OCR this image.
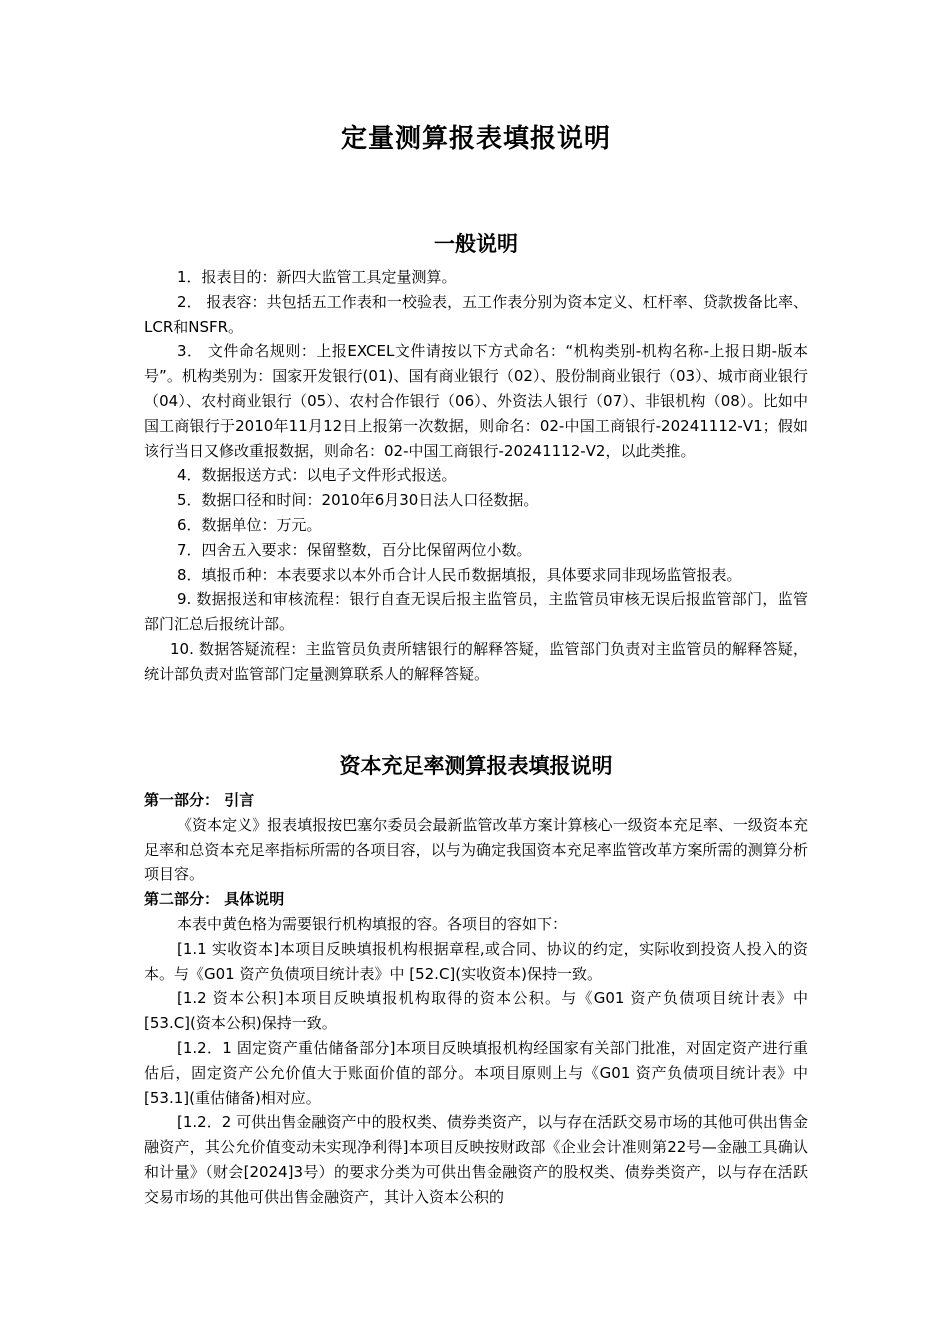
定量测算报表填报说明
一般说明

1．报表目的：新四大监管工具定量测算。

2． 报表容：共包括五工作表和一校验表，五工作表分别为资本定义、杠杆率、贷款拨备比率、LCR和NSFR。

3． 文件命名规则：上报EXCEL文件请按以下方式命名：“机构类别-机构名称-上报日期-版本号”。机构类别为：国家开发银行(01)、国有商业银行（02）、股份制商业银行（03）、城市商业银行（04）、农村商业银行（05）、农村合作银行（06）、外资法人银行（07）、非银机构（08）。比如中国工商银行于2010年11月12日上报第一次数据，则命名：02-中国工商银行-20241112-V1；假如该行当日又修改重报数据，则命名：02-中国工商银行-20241112-V2，以此类推。

4．数据报送方式：以电子文件形式报送。

5．数据口径和时间：2010年6月30日法人口径数据。

6．数据单位：万元。

7．四舍五入要求：保留整数，百分比保留两位小数。

8．填报币种：本表要求以本外币合计人民币数据填报，具体要求同非现场监管报表。

9. 数据报送和审核流程：银行自查无误后报主监管员，主监管员审核无误后报监管部门，监管部门汇总后报统计部。

10. 数据答疑流程：主监管员负责所辖银行的解释答疑，监管部门负责对主监管员的解释答疑，统计部负责对监管部门定量测算联系人的解释答疑。

资本充足率测算报表填报说明

第一部分： 引言

《资本定义》报表填报按巴塞尔委员会最新监管改革方案计算核心一级资本充足率、一级资本充足率和总资本充足率指标所需的各项目容，以与为确定我国资本充足率监管改革方案所需的测算分析项目容。

第二部分： 具体说明

本表中黄色格为需要银行机构填报的容。各项目的容如下：

[1.1 实收资本]本项目反映填报机构根据章程,或合同、协议的约定，实际收到投资人投入的资本。与《G01 资产负债项目统计表》中 [52.C](实收资本)保持一致。

[1.2 资本公积]本项目反映填报机构取得的资本公积。与《G01 资产负债项目统计表》中[53.C](资本公积)保持一致。

[1.2．1 固定资产重估储备部分]本项目反映填报机构经国家有关部门批准，对固定资产进行重估后，固定资产公允价值大于账面价值的部分。本项目原则上与《G01 资产负债项目统计表》中[53.1](重估储备)相对应。

[1.2．2 可供出售金融资产中的股权类、债券类资产，以与存在活跃交易市场的其他可供出售金融资产，其公允价值变动未实现净利得]本项目反映按财政部《企业会计准则第22号—金融工具确认和计量》（财会[2024]3号）的要求分类为可供出售金融资产的股权类、债券类资产，以与存在活跃交易市场的其他可供出售金融资产，其计入资本公积的
